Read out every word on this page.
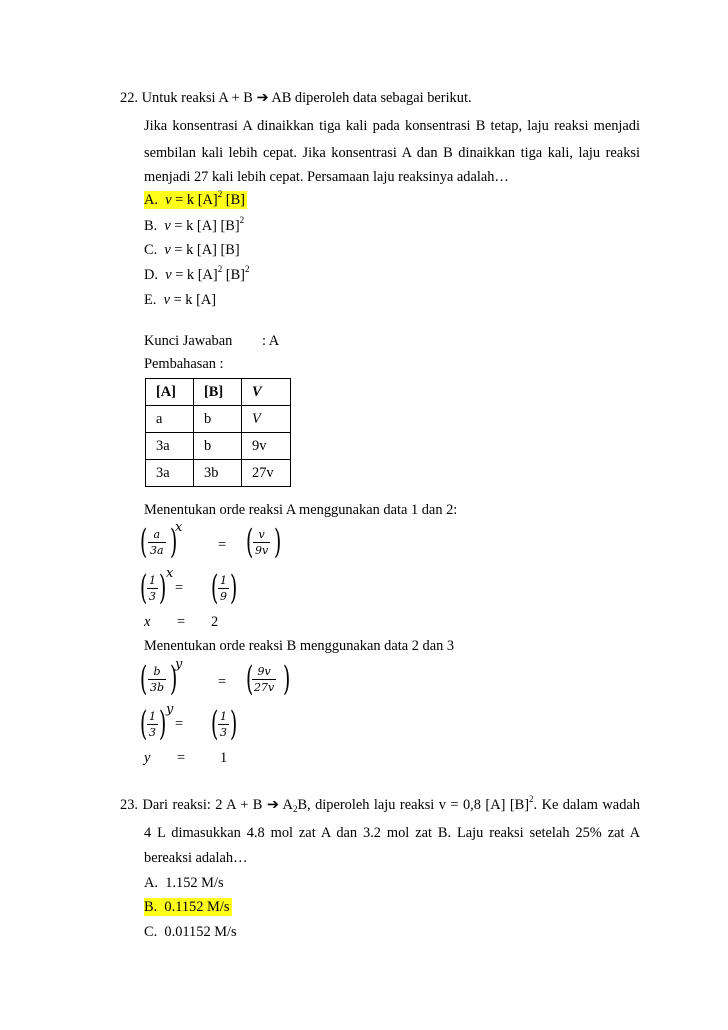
22. Untuk reaksi A + B ➔ AB diperoleh data sebagai berikut.
Jika konsentrasi A dinaikkan tiga kali pada konsentrasi B tetap, laju reaksi menjadi
sembilan kali lebih cepat. Jika konsentrasi A dan B dinaikkan tiga kali, laju reaksi
menjadi 27 kali lebih cepat. Persamaan laju reaksinya adalah…
A. v = k $[A]^2$ [B]
B. v = k [A] $[B]^2$
C. v = k [A] [B]
D. v = k $[A]^2$ $[B]^2$
E. v = k [A]
Kunci Jawaban : A
Pembahasan :
[A]	[B]	V
a	b	V
3a	b	9v
3a	3b	27v
Menentukan orde reaksi A menggunakan data 1 dan 2:
( a
3a )
x
= ( v
9v )
( 1
3 ) x
= ( 1
9 )
x = 2
Menentukan orde reaksi B menggunakan data 2 dan 3
( b
3b )
y
= ( 9v
27v )
( 1
3 ) y
= ( 1
3 )
y = 1
23. Dari reaksi: 2 A + B ➔ $A_2B$, diperoleh laju reaksi v = 0,8 [A] $[B]^2$. Ke dalam wadah
4 L dimasukkan 4.8 mol zat A dan 3.2 mol zat B. Laju reaksi setelah 25% zat A
bereaksi adalah…
A. 1.152 M/s
B. 0.1152 M/s
C. 0.01152 M/s
